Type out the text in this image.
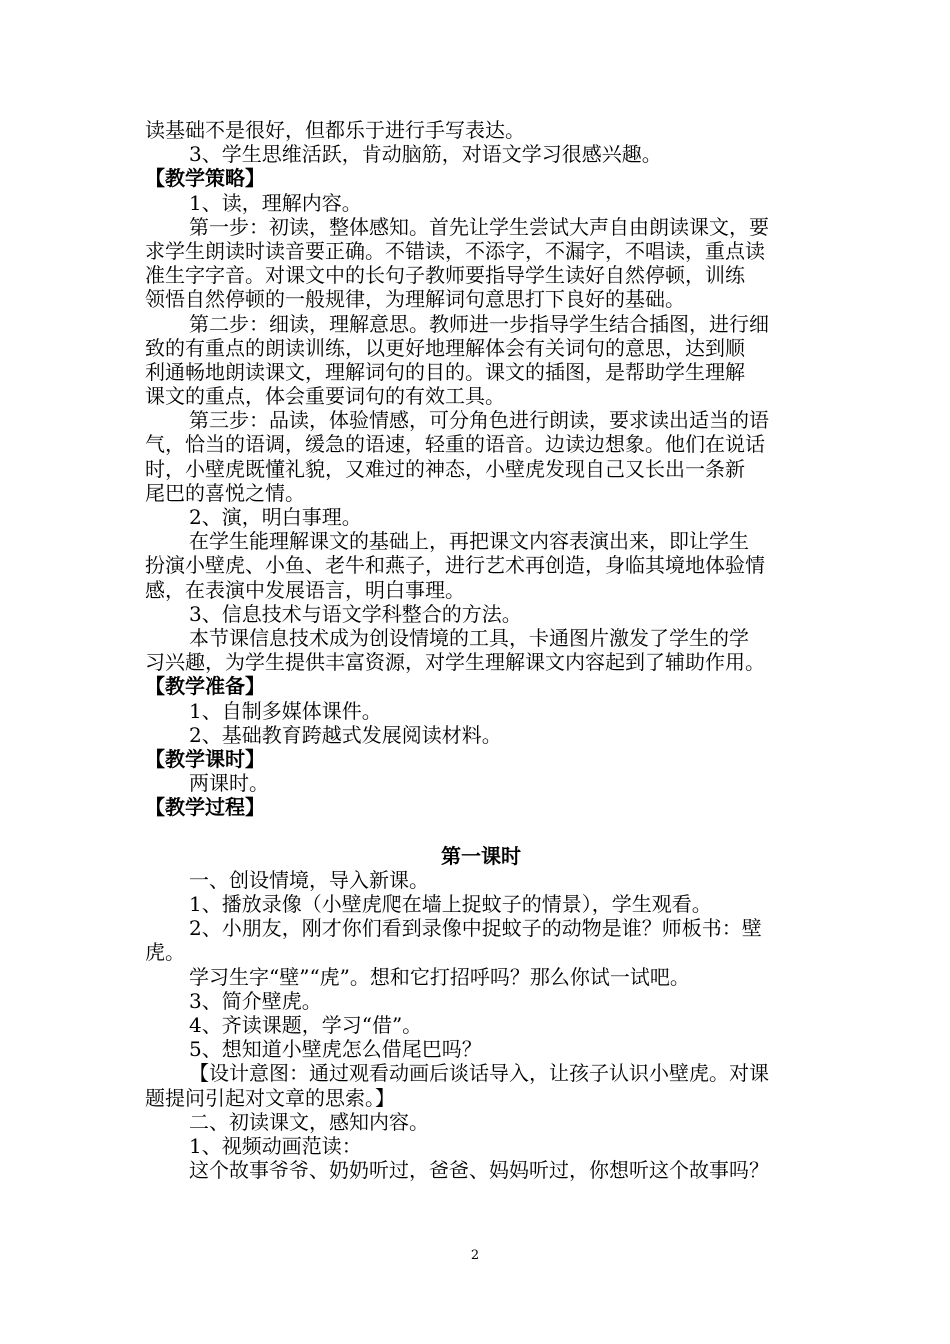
读基础不是很好，但都乐于进行手写表达。
3、学生思维活跃，肯动脑筋，对语文学习很感兴趣。
【教学策略】
1、读，理解内容。
第一步：初读，整体感知。首先让学生尝试大声自由朗读课文，要
求学生朗读时读音要正确。不错读，不添字，不漏字，不唱读，重点读
准生字字音。对课文中的长句子教师要指导学生读好自然停顿，训练
领悟自然停顿的一般规律，为理解词句意思打下良好的基础。
第二步：细读，理解意思。教师进一步指导学生结合插图，进行细
致的有重点的朗读训练，以更好地理解体会有关词句的意思，达到顺
利通畅地朗读课文，理解词句的目的。课文的插图，是帮助学生理解
课文的重点，体会重要词句的有效工具。
第三步：品读，体验情感，可分角色进行朗读，要求读出适当的语
气，恰当的语调，缓急的语速，轻重的语音。边读边想象。他们在说话
时，小壁虎既懂礼貌，又难过的神态，小壁虎发现自己又长出一条新
尾巴的喜悦之情。
2、演，明白事理。
在学生能理解课文的基础上，再把课文内容表演出来，即让学生
扮演小壁虎、小鱼、老牛和燕子，进行艺术再创造，身临其境地体验情
感，在表演中发展语言，明白事理。
3、信息技术与语文学科整合的方法。
本节课信息技术成为创设情境的工具，卡通图片激发了学生的学
习兴趣，为学生提供丰富资源，对学生理解课文内容起到了辅助作用。
【教学准备】
1、自制多媒体课件。
2、基础教育跨越式发展阅读材料。
【教学课时】
两课时。
【教学过程】
第一课时
一、创设情境，导入新课。
1、播放录像（小壁虎爬在墙上捉蚊子的情景），学生观看。
2、小朋友，刚才你们看到录像中捉蚊子的动物是谁？师板书：壁
虎。
学习生字“壁”“虎”。想和它打招呼吗？那么你试一试吧。
3、简介壁虎。
4、齐读课题，学习“借”。
5、想知道小壁虎怎么借尾巴吗？
【设计意图：通过观看动画后谈话导入，让孩子认识小壁虎。对课
题提问引起对文章的思索。】
二、初读课文，感知内容。
1、视频动画范读：
这个故事爷爷、奶奶听过，爸爸、妈妈听过，你想听这个故事吗？
2
